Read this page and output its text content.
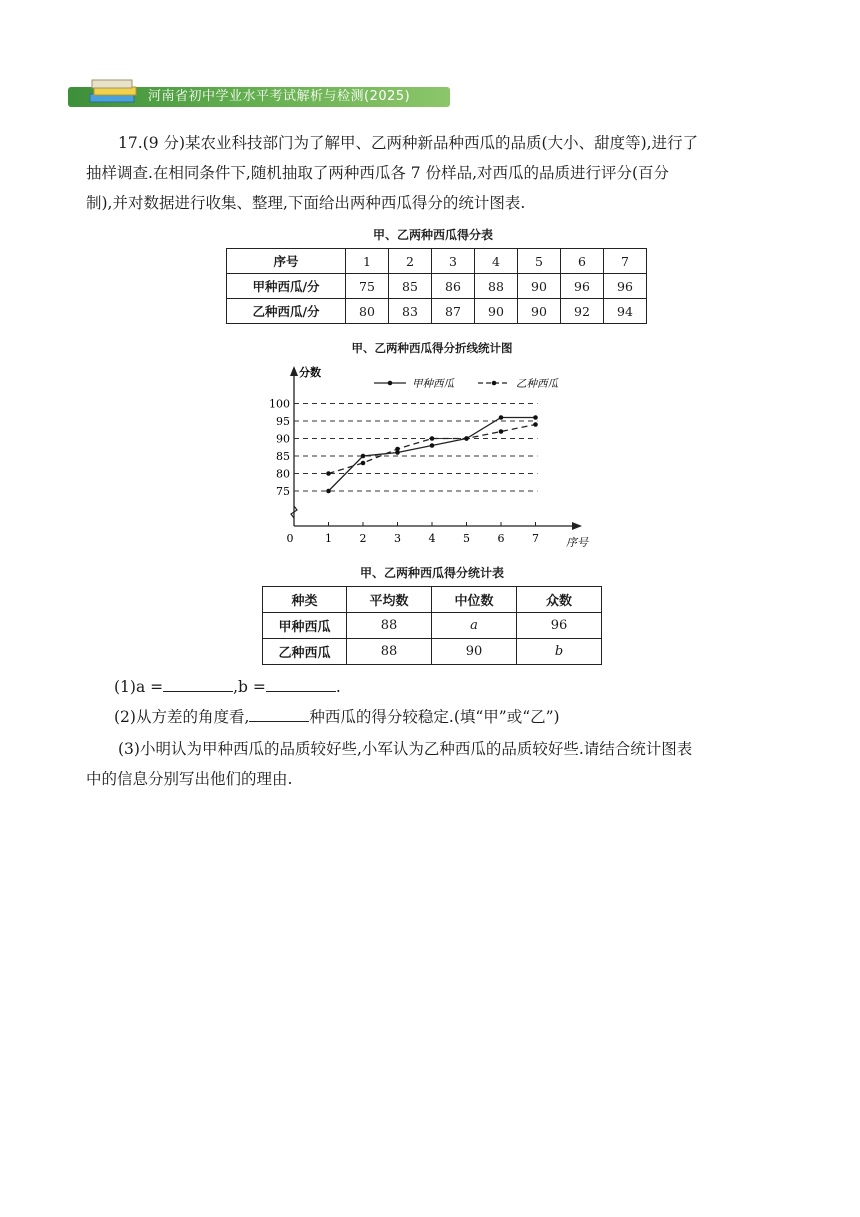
河南省初中学业水平考试解析与检测(2025)
17.(9 分)某农业科技部门为了解甲、乙两种新品种西瓜的品质(大小、甜度等),进行了
抽样调查.在相同条件下,随机抽取了两种西瓜各 7 份样品,对西瓜的品质进行评分(百分
制),并对数据进行收集、整理,下面给出两种西瓜得分的统计图表.
甲、乙两种西瓜得分表
序号	1	2	3	4	5	6	7
甲种西瓜/分	75	85	86	88	90	96	96
乙种西瓜/分	80	83	87	90	90	92	94
甲、乙两种西瓜得分折线统计图
75
80
85
90
95
100
1	2	3	4	5	6	7
0
分数
序号
甲种西瓜	乙种西瓜
甲、乙两种西瓜得分统计表
种类	平均数	中位数	众数
甲种西瓜	88	a	96
乙种西瓜	88	90	b
(1)a =	,b =	.
(2)从方差的角度看,	种西瓜的得分较稳定.(填“甲”或“乙”)
(3)小明认为甲种西瓜的品质较好些,小军认为乙种西瓜的品质较好些.请结合统计图表
中的信息分别写出他们的理由.
